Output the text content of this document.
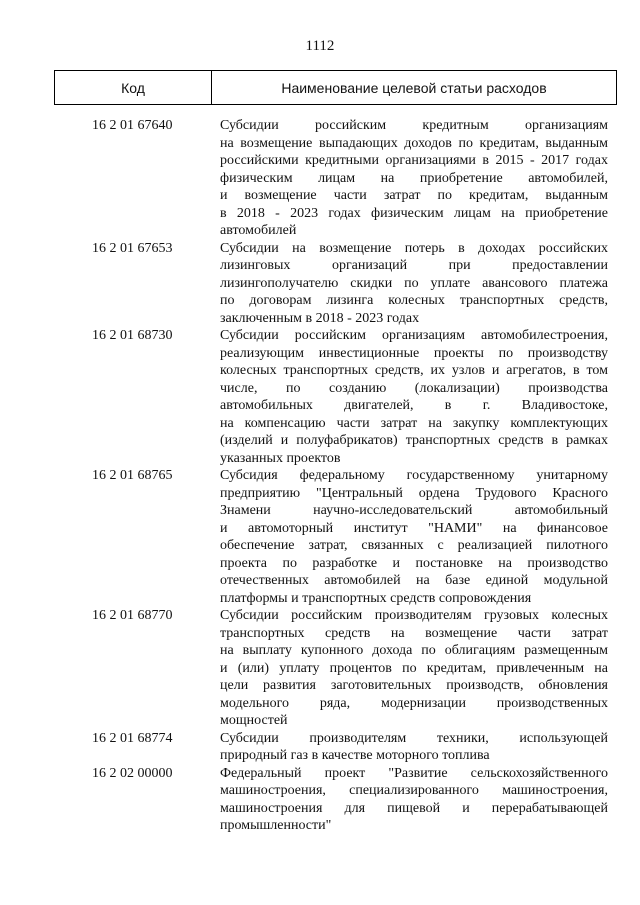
1112
Код	Наименование целевой статьи расходов
16 2 01 67640	Субсидии российским кредитным организациям
на возмещение выпадающих доходов по кредитам, выданным
российскими кредитными организациями в 2015 - 2017 годах
физическим лицам на приобретение автомобилей,
и возмещение части затрат по кредитам, выданным
в 2018 - 2023 годах физическим лицам на приобретение
автомобилей
16 2 01 67653	Субсидии на возмещение потерь в доходах российских
лизинговых организаций при предоставлении
лизингополучателю скидки по уплате авансового платежа
по договорам лизинга колесных транспортных средств,
заключенным в 2018 - 2023 годах
16 2 01 68730	Субсидии российским организациям автомобилестроения,
реализующим инвестиционные проекты по производству
колесных транспортных средств, их узлов и агрегатов, в том
числе, по созданию (локализации) производства
автомобильных двигателей, в г. Владивостоке,
на компенсацию части затрат на закупку комплектующих
(изделий и полуфабрикатов) транспортных средств в рамках
указанных проектов
16 2 01 68765	Субсидия федеральному государственному унитарному
предприятию "Центральный ордена Трудового Красного
Знамени научно-исследовательский автомобильный
и автомоторный институт "НАМИ" на финансовое
обеспечение затрат, связанных с реализацией пилотного
проекта по разработке и постановке на производство
отечественных автомобилей на базе единой модульной
платформы и транспортных средств сопровождения
16 2 01 68770	Субсидии российским производителям грузовых колесных
транспортных средств на возмещение части затрат
на выплату купонного дохода по облигациям размещенным
и (или) уплату процентов по кредитам, привлеченным на
цели развития заготовительных производств, обновления
модельного ряда, модернизации производственных
мощностей
16 2 01 68774	Субсидии производителям техники, использующей
природный газ в качестве моторного топлива
16 2 02 00000	Федеральный проект "Развитие сельскохозяйственного
машиностроения, специализированного машиностроения,
машиностроения для пищевой и перерабатывающей
промышленности"
